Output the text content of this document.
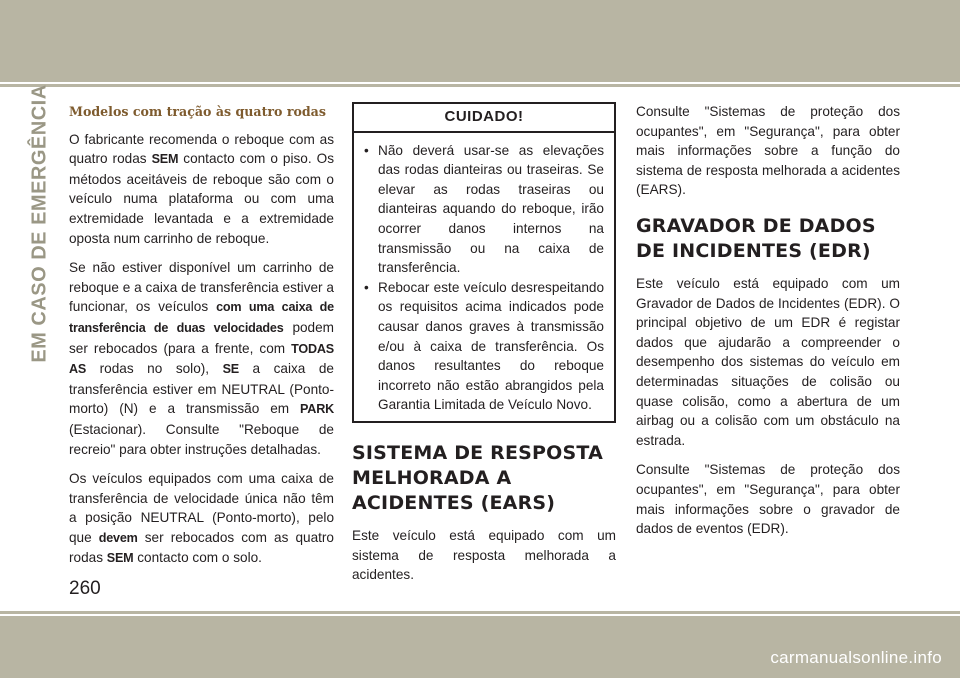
EM CASO DE EMERGÊNCIA Modelos com tração às quatro rodas

O fabricante recomenda o reboque com as quatro rodas SEM contacto com o piso. Os métodos aceitáveis de reboque são com o veículo numa plataforma ou com uma extremidade levantada e a extremidade oposta num carrinho de reboque.

Se não estiver disponível um carrinho de reboque e a caixa de transferência estiver a funcionar, os veículos com uma caixa de transferência de duas velocidades podem ser rebocados (para a frente, com TODAS AS rodas no solo), SE a caixa de transferência estiver em NEUTRAL (Ponto-morto) (N) e a transmissão em PARK (Estacionar). Consulte "Reboque de recreio" para obter instruções detalhadas.

Os veículos equipados com uma caixa de transferência de velocidade única não têm a posição NEUTRAL (Ponto-morto), pelo que devem ser rebocados com as quatro rodas SEM contacto com o solo.

CUIDADO!
• Não deverá usar-se as elevações das rodas dianteiras ou traseiras. Se elevar as rodas traseiras ou dianteiras aquando do reboque, irão ocorrer danos internos na transmissão ou na caixa de transferência.
• Rebocar este veículo desrespeitando os requisitos acima indicados pode causar danos graves à transmissão e/ou à caixa de transferência. Os danos resultantes do reboque incorreto não estão abrangidos pela Garantia Limitada de Veículo Novo.
SISTEMA DE RESPOSTA MELHORADA A ACIDENTES (EARS)

Este veículo está equipado com um sistema de resposta melhorada a acidentes.

Consulte "Sistemas de proteção dos ocupantes", em "Segurança", para obter mais informações sobre a função do sistema de resposta melhorada a acidentes (EARS).

GRAVADOR DE DADOS DE INCIDENTES (EDR)

Este veículo está equipado com um Gravador de Dados de Incidentes (EDR). O principal objetivo de um EDR é registar dados que ajudarão a compreender o desempenho dos sistemas do veículo em determinadas situações de colisão ou quase colisão, como a abertura de um airbag ou a colisão com um obstáculo na estrada.

Consulte "Sistemas de proteção dos ocupantes", em "Segurança", para obter mais informações sobre o gravador de dados de eventos (EDR).

260
carmanualsonline.info
